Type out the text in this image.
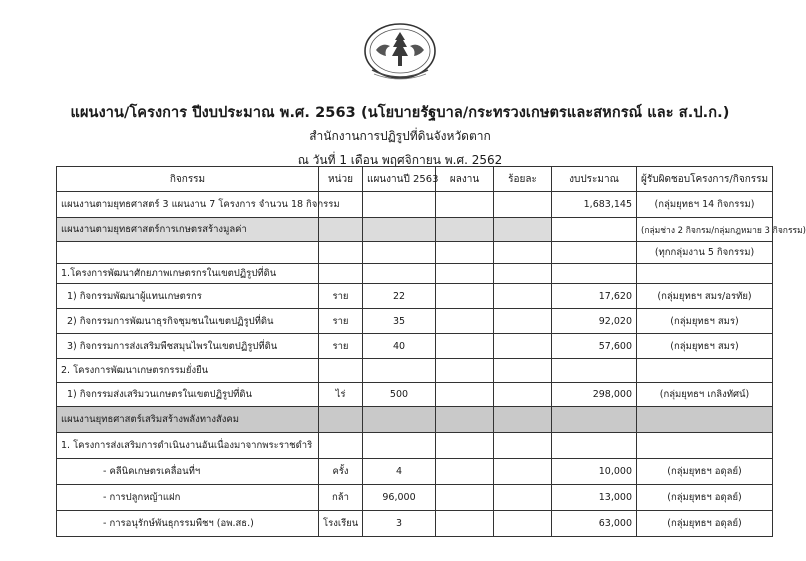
แผนงาน/โครงการ ปีงบประมาณ พ.ศ. 2563 (นโยบายรัฐบาล/กระทรวงเกษตรและสหกรณ์ และ ส.ป.ก.)
สำนักงานการปฏิรูปที่ดินจังหวัดตาก
ณ วันที่ 1 เดือน พฤศจิกายน พ.ศ. 2562
กิจกรรม	หน่วย	แผนงานปี 2563	ผลงาน	ร้อยละ	งบประมาณ	ผู้รับผิดชอบโครงการ/กิจกรรม
แผนงานตามยุทธศาสตร์ 3 แผนงาน 7 โครงการ จำนวน 18 กิจกรรม					1,683,145	(กลุ่มยุทธฯ 14 กิจกรรม)
แผนงานตามยุทธศาสตร์การเกษตรสร้างมูลค่า						(กลุ่มช่าง 2 กิจกรม/กลุ่มกฎหมาย 3 กิจกรรม)
						(ทุกกลุ่มงาน 5 กิจกรรม)
1.โครงการพัฒนาศักยภาพเกษตรกรในเขตปฏิรูปที่ดิน						
1) กิจกรรมพัฒนาผู้แทนเกษตรกร	ราย	22			17,620	(กลุ่มยุทธฯ สมร/อรทัย)
2) กิจกรรมการพัฒนาธุรกิจชุมชนในเขตปฏิรูปที่ดิน	ราย	35			92,020	(กลุ่มยุทธฯ สมร)
3) กิจกรรมการส่งเสริมพืชสมุนไพรในเขตปฏิรูปที่ดิน	ราย	40			57,600	(กลุ่มยุทธฯ สมร)
2. โครงการพัฒนาเกษตรกรรมยั่งยืน						
1) กิจกรรมส่งเสริมวนเกษตรในเขตปฏิรูปที่ดิน	ไร่	500			298,000	(กลุ่มยุทธฯ เกลิงทัศน์)
แผนงานยุทธศาสตร์เสริมสร้างพลังทางสังคม						
1. โครงการส่งเสริมการดำเนินงานอันเนื่องมาจากพระราชดำริ						
- คลีนิคเกษตรเคลื่อนที่ฯ	ครั้ง	4			10,000	(กลุ่มยุทธฯ อดุลย์)
- การปลูกหญ้าแฝก	กล้า	96,000			13,000	(กลุ่มยุทธฯ อดุลย์)
- การอนุรักษ์พันธุกรรมพืชฯ (อพ.สธ.)	โรงเรียน	3			63,000	(กลุ่มยุทธฯ อดุลย์)
